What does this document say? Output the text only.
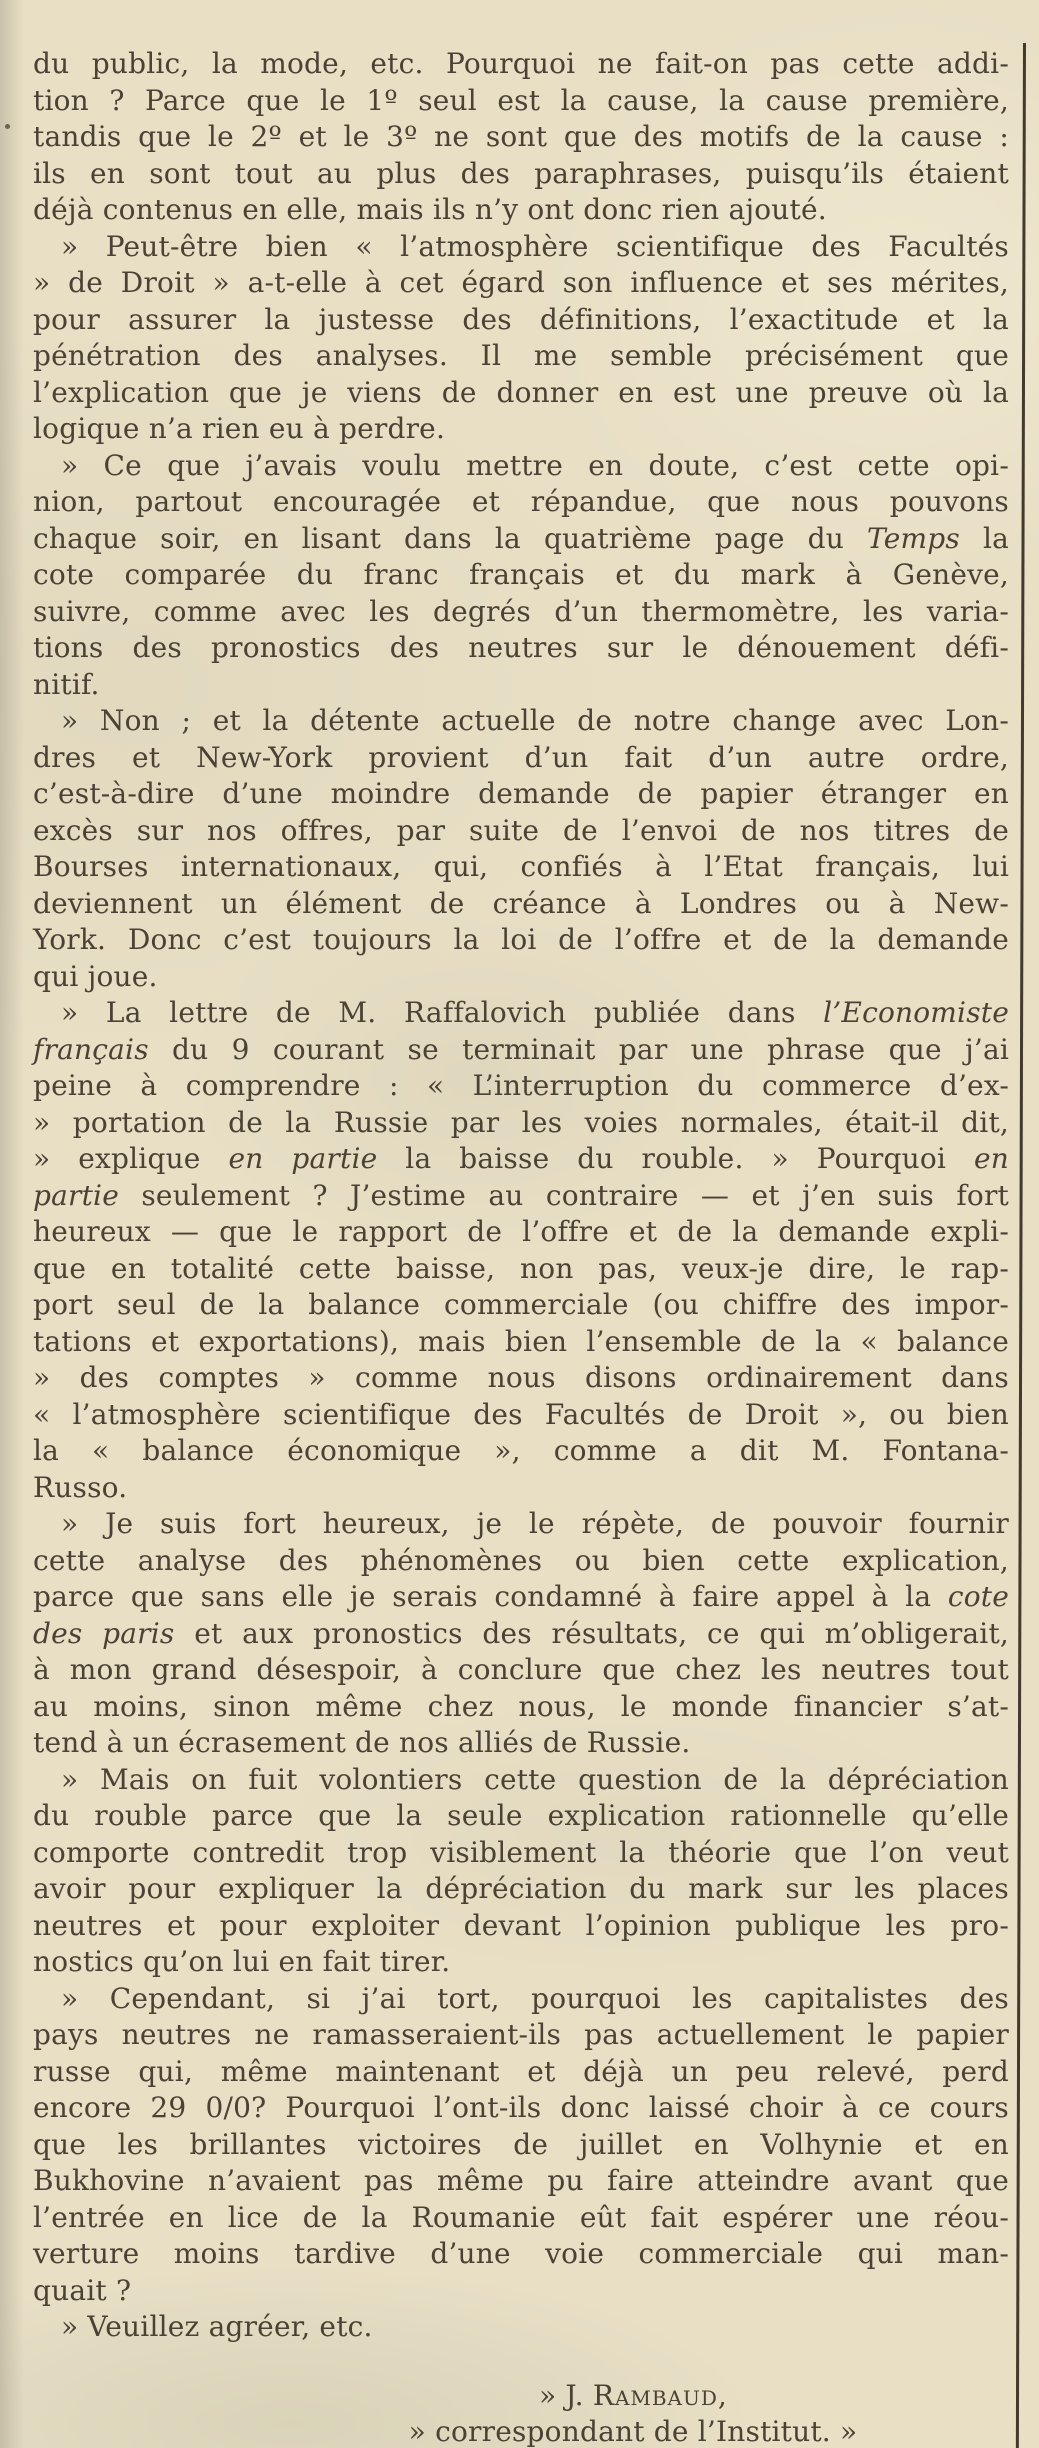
du public, la mode, etc. Pourquoi ne fait-on pas cette addi-
tion ? Parce que le 1º seul est la cause, la cause première,
tandis que le 2º et le 3º ne sont que des motifs de la cause :
ils en sont tout au plus des paraphrases, puisqu’ils étaient
déjà contenus en elle, mais ils n’y ont donc rien ajouté.
» Peut-être bien « l’atmosphère scientifique des Facultés
» de Droit » a-t-elle à cet égard son influence et ses mérites,
pour assurer la justesse des définitions, l’exactitude et la
pénétration des analyses. Il me semble précisément que
l’explication que je viens de donner en est une preuve où la
logique n’a rien eu à perdre.
» Ce que j’avais voulu mettre en doute, c’est cette opi-
nion, partout encouragée et répandue, que nous pouvons
chaque soir, en lisant dans la quatrième page du Temps la
cote comparée du franc français et du mark à Genève,
suivre, comme avec les degrés d’un thermomètre, les varia-
tions des pronostics des neutres sur le dénouement défi-
nitif.
» Non ; et la détente actuelle de notre change avec Lon-
dres et New-York provient d’un fait d’un autre ordre,
c’est-à-dire d’une moindre demande de papier étranger en
excès sur nos offres, par suite de l’envoi de nos titres de
Bourses internationaux, qui, confiés à l’Etat français, lui
deviennent un élément de créance à Londres ou à New-
York. Donc c’est toujours la loi de l’offre et de la demande
qui joue.
» La lettre de M. Raffalovich publiée dans l’Economiste
français du 9 courant se terminait par une phrase que j’ai
peine à comprendre : « L’interruption du commerce d’ex-
» portation de la Russie par les voies normales, était-il dit,
» explique en partie la baisse du rouble. » Pourquoi en
partie seulement ? J’estime au contraire — et j’en suis fort
heureux — que le rapport de l’offre et de la demande expli-
que en totalité cette baisse, non pas, veux-je dire, le rap-
port seul de la balance commerciale (ou chiffre des impor-
tations et exportations), mais bien l’ensemble de la « balance
» des comptes » comme nous disons ordinairement dans
« l’atmosphère scientifique des Facultés de Droit », ou bien
la « balance économique », comme a dit M. Fontana-
Russo.
» Je suis fort heureux, je le répète, de pouvoir fournir
cette analyse des phénomènes ou bien cette explication,
parce que sans elle je serais condamné à faire appel à la cote
des paris et aux pronostics des résultats, ce qui m’obligerait,
à mon grand désespoir, à conclure que chez les neutres tout
au moins, sinon même chez nous, le monde financier s’at-
tend à un écrasement de nos alliés de Russie.
» Mais on fuit volontiers cette question de la dépréciation
du rouble parce que la seule explication rationnelle qu’elle
comporte contredit trop visiblement la théorie que l’on veut
avoir pour expliquer la dépréciation du mark sur les places
neutres et pour exploiter devant l’opinion publique les pro-
nostics qu’on lui en fait tirer.
» Cependant, si j’ai tort, pourquoi les capitalistes des
pays neutres ne ramasseraient-ils pas actuellement le papier
russe qui, même maintenant et déjà un peu relevé, perd
encore 29 0/0? Pourquoi l’ont-ils donc laissé choir à ce cours
que les brillantes victoires de juillet en Volhynie et en
Bukhovine n’avaient pas même pu faire atteindre avant que
l’entrée en lice de la Roumanie eût fait espérer une réou-
verture moins tardive d’une voie commerciale qui man-
quait ?
» Veuillez agréer, etc.
» J. Rambaud,
» correspondant de l’Institut. »
